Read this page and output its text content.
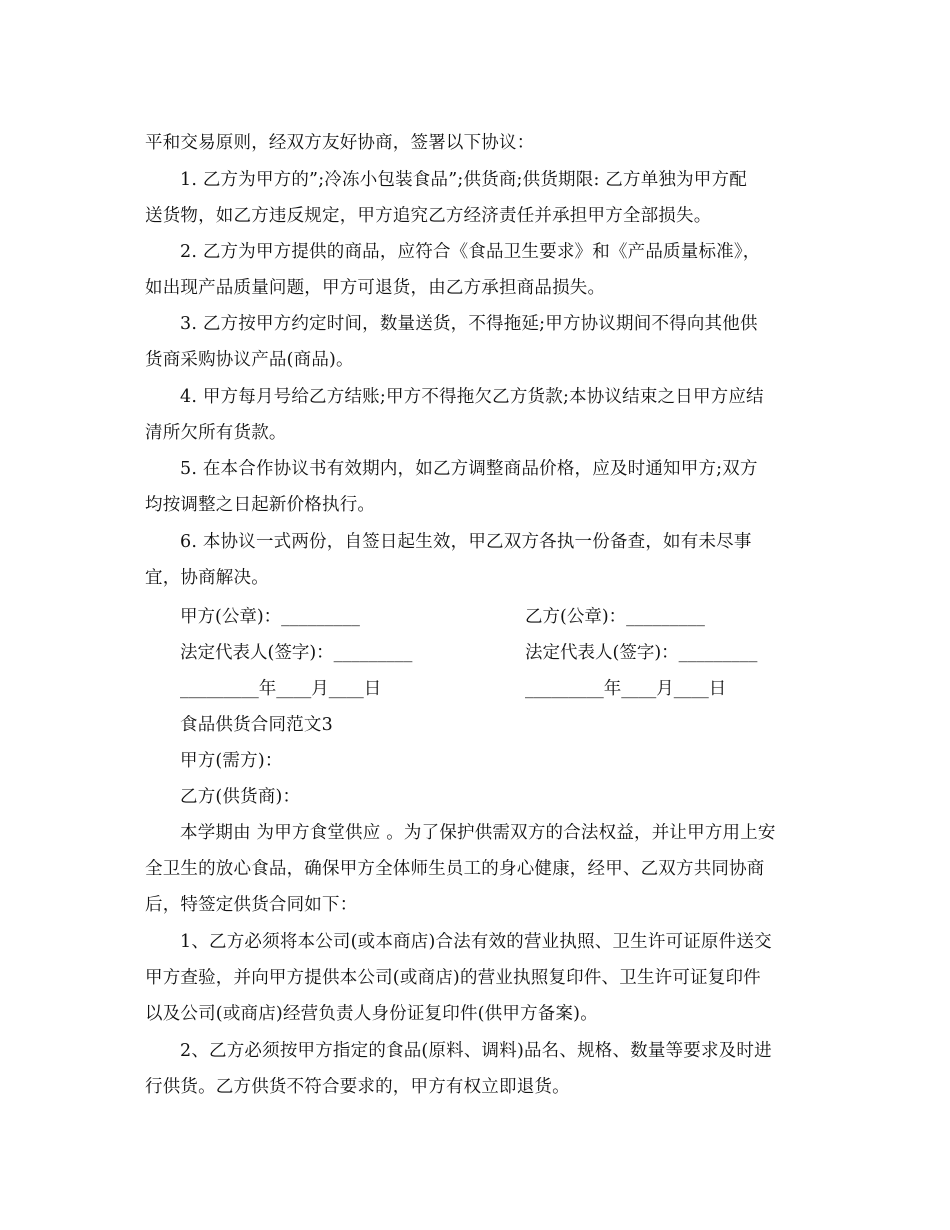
平和交易原则，经双方友好协商，签署以下协议：
1. 乙方为甲方的”;冷冻小包装食品”;供货商;供货期限: 乙方单独为甲方配
送货物，如乙方违反规定，甲方追究乙方经济责任并承担甲方全部损失。
2. 乙方为甲方提供的商品，应符合《食品卫生要求》和《产品质量标准》，
如出现产品质量问题，甲方可退货，由乙方承担商品损失。
3. 乙方按甲方约定时间，数量送货，不得拖延;甲方协议期间不得向其他供
货商采购协议产品(商品)。
4. 甲方每月号给乙方结账;甲方不得拖欠乙方货款;本协议结束之日甲方应结
清所欠所有货款。
5. 在本合作协议书有效期内，如乙方调整商品价格，应及时通知甲方;双方
均按调整之日起新价格执行。
6. 本协议一式两份，自签日起生效，甲乙双方各执一份备查，如有未尽事
宜，协商解决。
甲方(公章)：_________	乙方(公章)：_________
法定代表人(签字)：_________	法定代表人(签字)：_________
_________年____月____日	_________年____月____日
食品供货合同范文3
甲方(需方)：
乙方(供货商)：
本学期由 为甲方食堂供应 。为了保护供需双方的合法权益，并让甲方用上安
全卫生的放心食品，确保甲方全体师生员工的身心健康，经甲、乙双方共同协商
后，特签定供货合同如下：
1、乙方必须将本公司(或本商店)合法有效的营业执照、卫生许可证原件送交
甲方查验，并向甲方提供本公司(或商店)的营业执照复印件、卫生许可证复印件
以及公司(或商店)经营负责人身份证复印件(供甲方备案)。
2、乙方必须按甲方指定的食品(原料、调料)品名、规格、数量等要求及时进
行供货。乙方供货不符合要求的，甲方有权立即退货。
